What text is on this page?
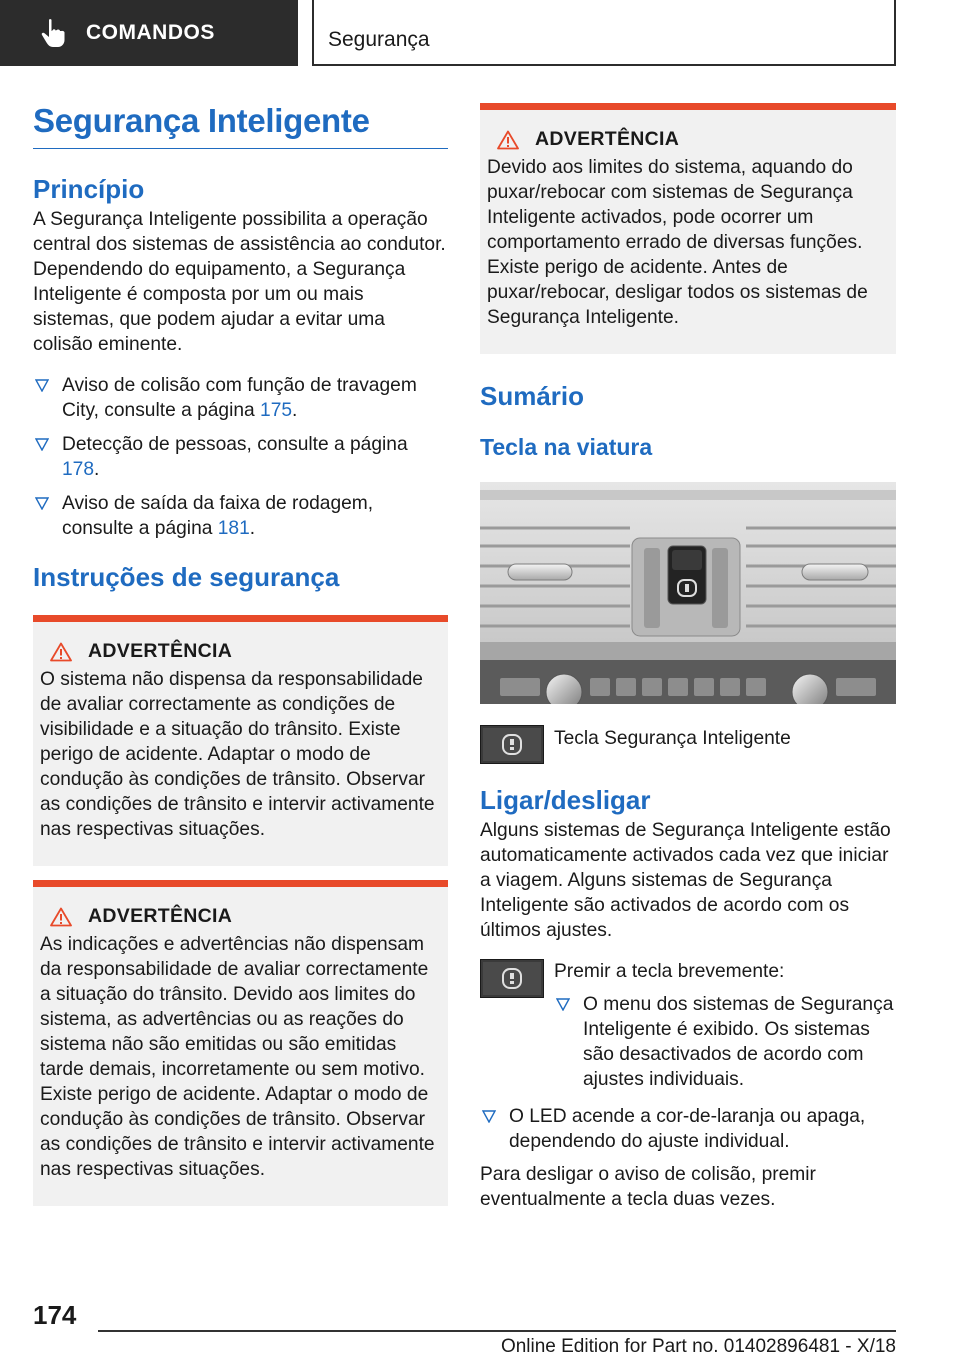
COMANDOS	Segurança
Segurança Inteligente
Princípio

A Segurança Inteligente possibilita a operação central dos sistemas de assistência ao condutor. Dependendo do equipamento, a Segurança Inteligente é composta por um ou mais sistemas, que podem ajudar a evitar uma colisão eminente.

Aviso de colisão com função de travagem City, consulte a página 175.
Detecção de pessoas, consulte a página 178.
Aviso de saída da faixa de rodagem, consulte a página 181.
Instruções de segurança
ADVERTÊNCIA

O sistema não dispensa da responsabilidade de avaliar correctamente as condições de visibilidade e a situação do trânsito. Existe perigo de acidente. Adaptar o modo de condução às condições de trânsito. Observar as condições de trânsito e intervir activamente nas respectivas situações.

ADVERTÊNCIA

As indicações e advertências não dispensam da responsabilidade de avaliar correctamente a situação do trânsito. Devido aos limites do sistema, as advertências ou as reações do sistema não são emitidas ou são emitidas tarde demais, incorretamente ou sem motivo. Existe perigo de acidente. Adaptar o modo de condução às condições de trânsito. Observar as condições de trânsito e intervir activamente nas respectivas situações.

ADVERTÊNCIA

Devido aos limites do sistema, aquando do puxar/rebocar com sistemas de Segurança Inteligente activados, pode ocorrer um comportamento errado de diversas funções. Existe perigo de acidente. Antes de puxar/rebocar, desligar todos os sistemas de Segurança Inteligente.

Sumário
Tecla na viatura
Tecla Segurança Inteligente
Ligar/desligar

Alguns sistemas de Segurança Inteligente estão automaticamente activados cada vez que iniciar a viagem. Alguns sistemas de Segurança Inteligente são activados de acordo com os últimos ajustes.

Premir a tecla brevemente:

O menu dos sistemas de Segurança Inteligente é exibido. Os sistemas são desactivados de acordo com ajustes individuais.
O LED acende a cor-de-laranja ou apaga, dependendo do ajuste individual.

Para desligar o aviso de colisão, premir eventualmente a tecla duas vezes.

174
Online Edition for Part no. 01402896481 - X/18
